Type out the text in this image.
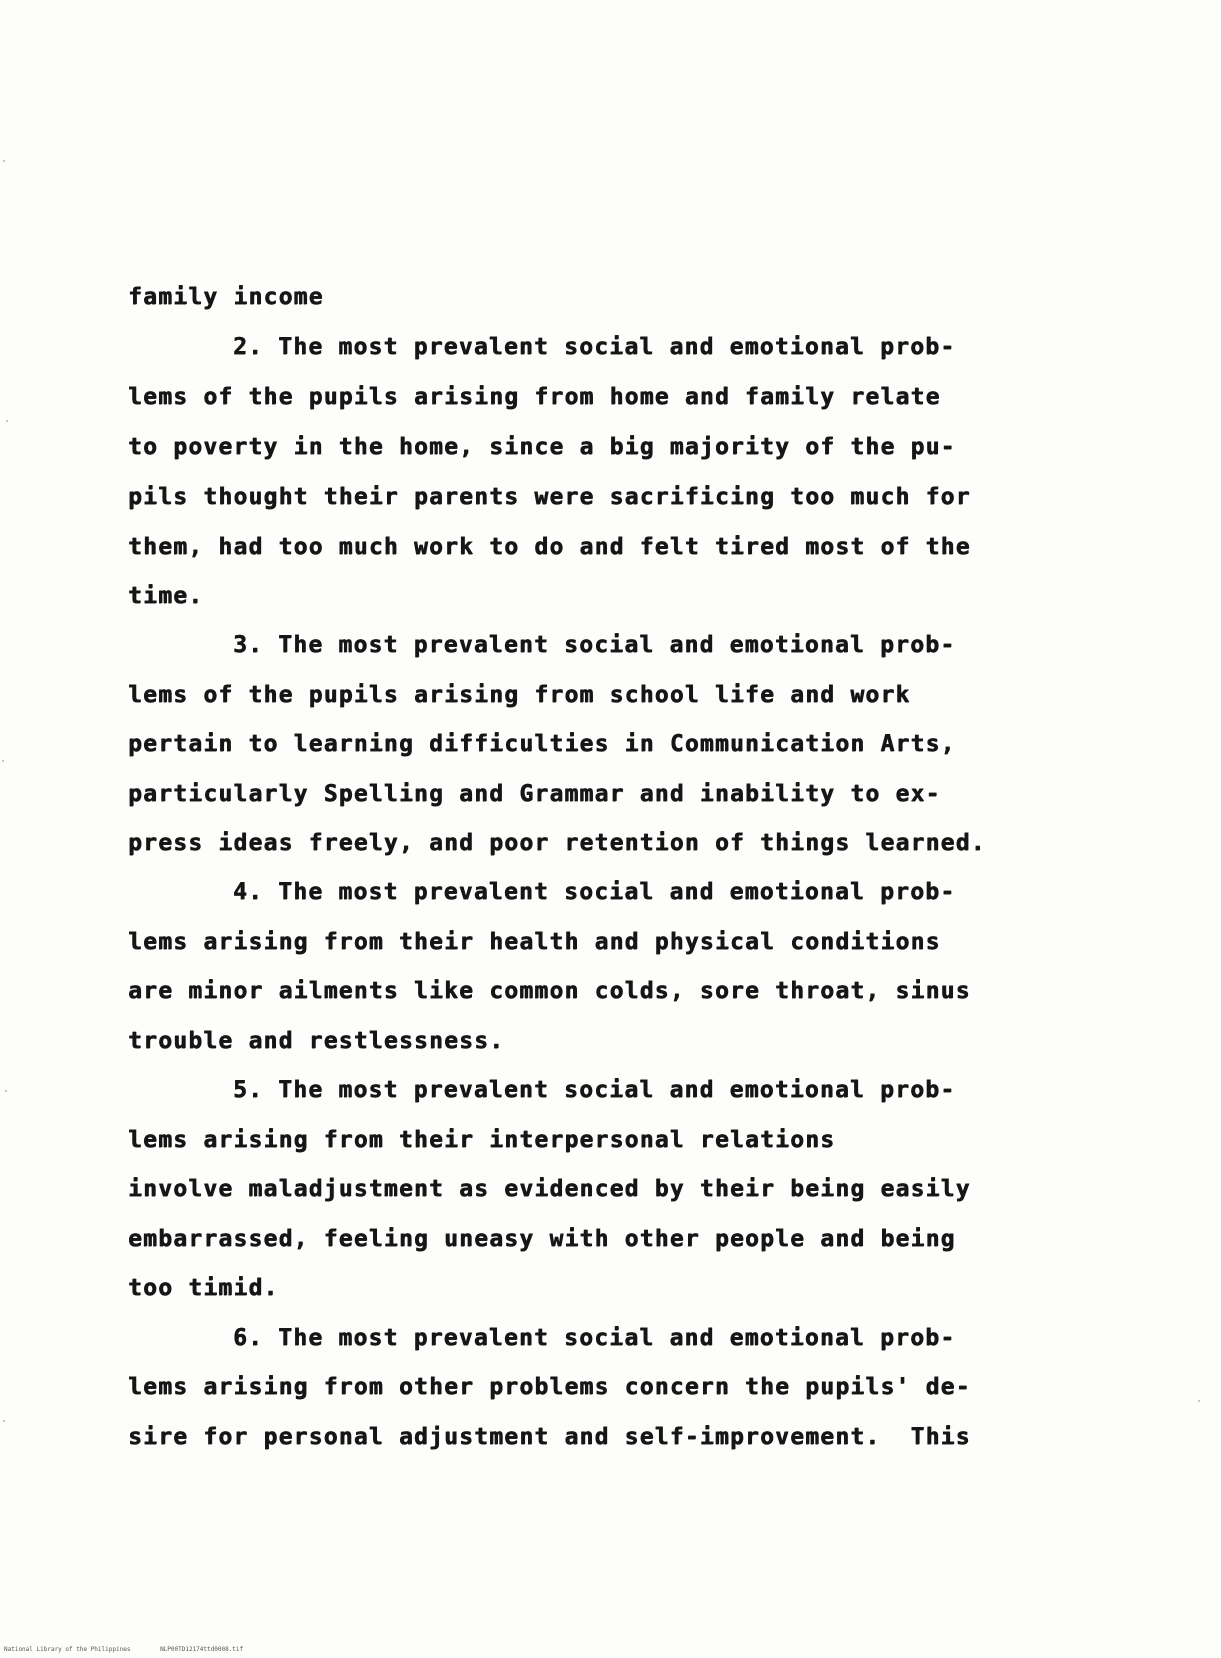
family income
2. The most prevalent social and emotional prob-
lems of the pupils arising from home and family relate
to poverty in the home, since a big majority of the pu-
pils thought their parents were sacrificing too much for
them, had too much work to do and felt tired most of the
time.
3. The most prevalent social and emotional prob-
lems of the pupils arising from school life and work
pertain to learning difficulties in Communication Arts,
particularly Spelling and Grammar and inability to ex-
press ideas freely, and poor retention of things learned.
4. The most prevalent social and emotional prob-
lems arising from their health and physical conditions
are minor ailments like common colds, sore throat, sinus
trouble and restlessness.
5. The most prevalent social and emotional prob-
lems arising from their interpersonal relations
involve maladjustment as evidenced by their being easily
embarrassed, feeling uneasy with other people and being
too timid.
6. The most prevalent social and emotional prob-
lems arising from other problems concern the pupils' de-
sire for personal adjustment and self-improvement.  This
National Library of the Philippines	NLP00TD12174ttd0008.tif
